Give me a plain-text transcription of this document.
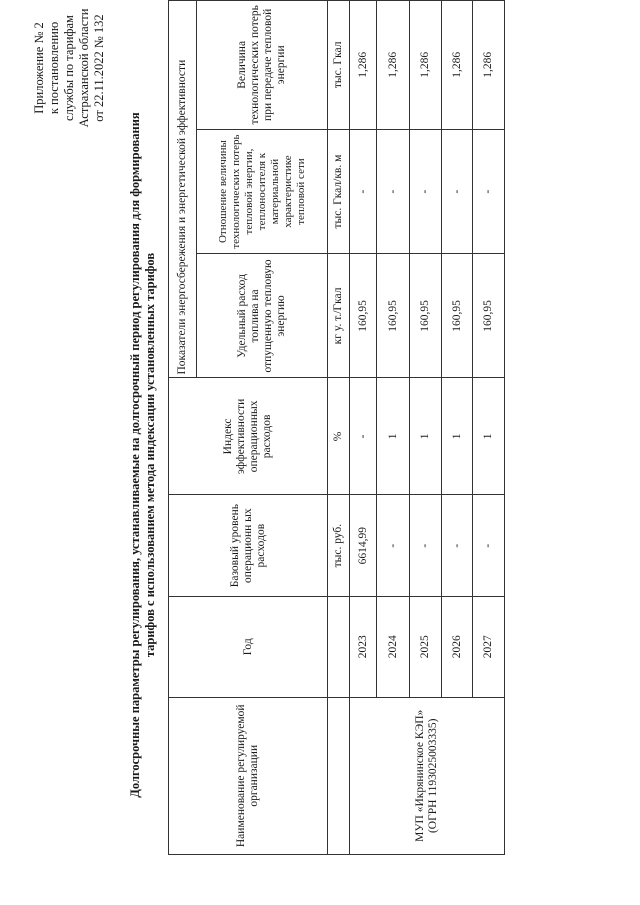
Приложение № 2 к постановлению службы по тарифам Астраханской области от 22.11.2022 № 132
Долгосрочные параметры регулирования, устанавливаемые на долгосрочный период регулирования для формирования тарифов с использованием метода индексации установленных тарифов
Наименование регулируемой организации	Год	Базовый уровень операционн ых расходов	Индекс эффективности операционных расходов	Показатели энергосбережения и энергетической эффективности		
				Удельный расход топлива на отпущенную тепловую энергию	Отношение величины технологических потерь тепловой энергии, теплоносителя к материальной характеристике тепловой сети	Величина технологических потерь при передаче тепловой энергии
		тыс. руб.	%	кг у. т./Гкал	тыс. Гкал/кв. м	тыс. Гкал
МУП «Икрянинское КЭП» (ОГРН 1193025003335)	2023	6614,99	-	160,95	-	1,286
	2024	-	1	160,95	-	1,286
	2025	-	1	160,95	-	1,286
	2026	-	1	160,95	-	1,286
	2027	-	1	160,95	-	1,286
